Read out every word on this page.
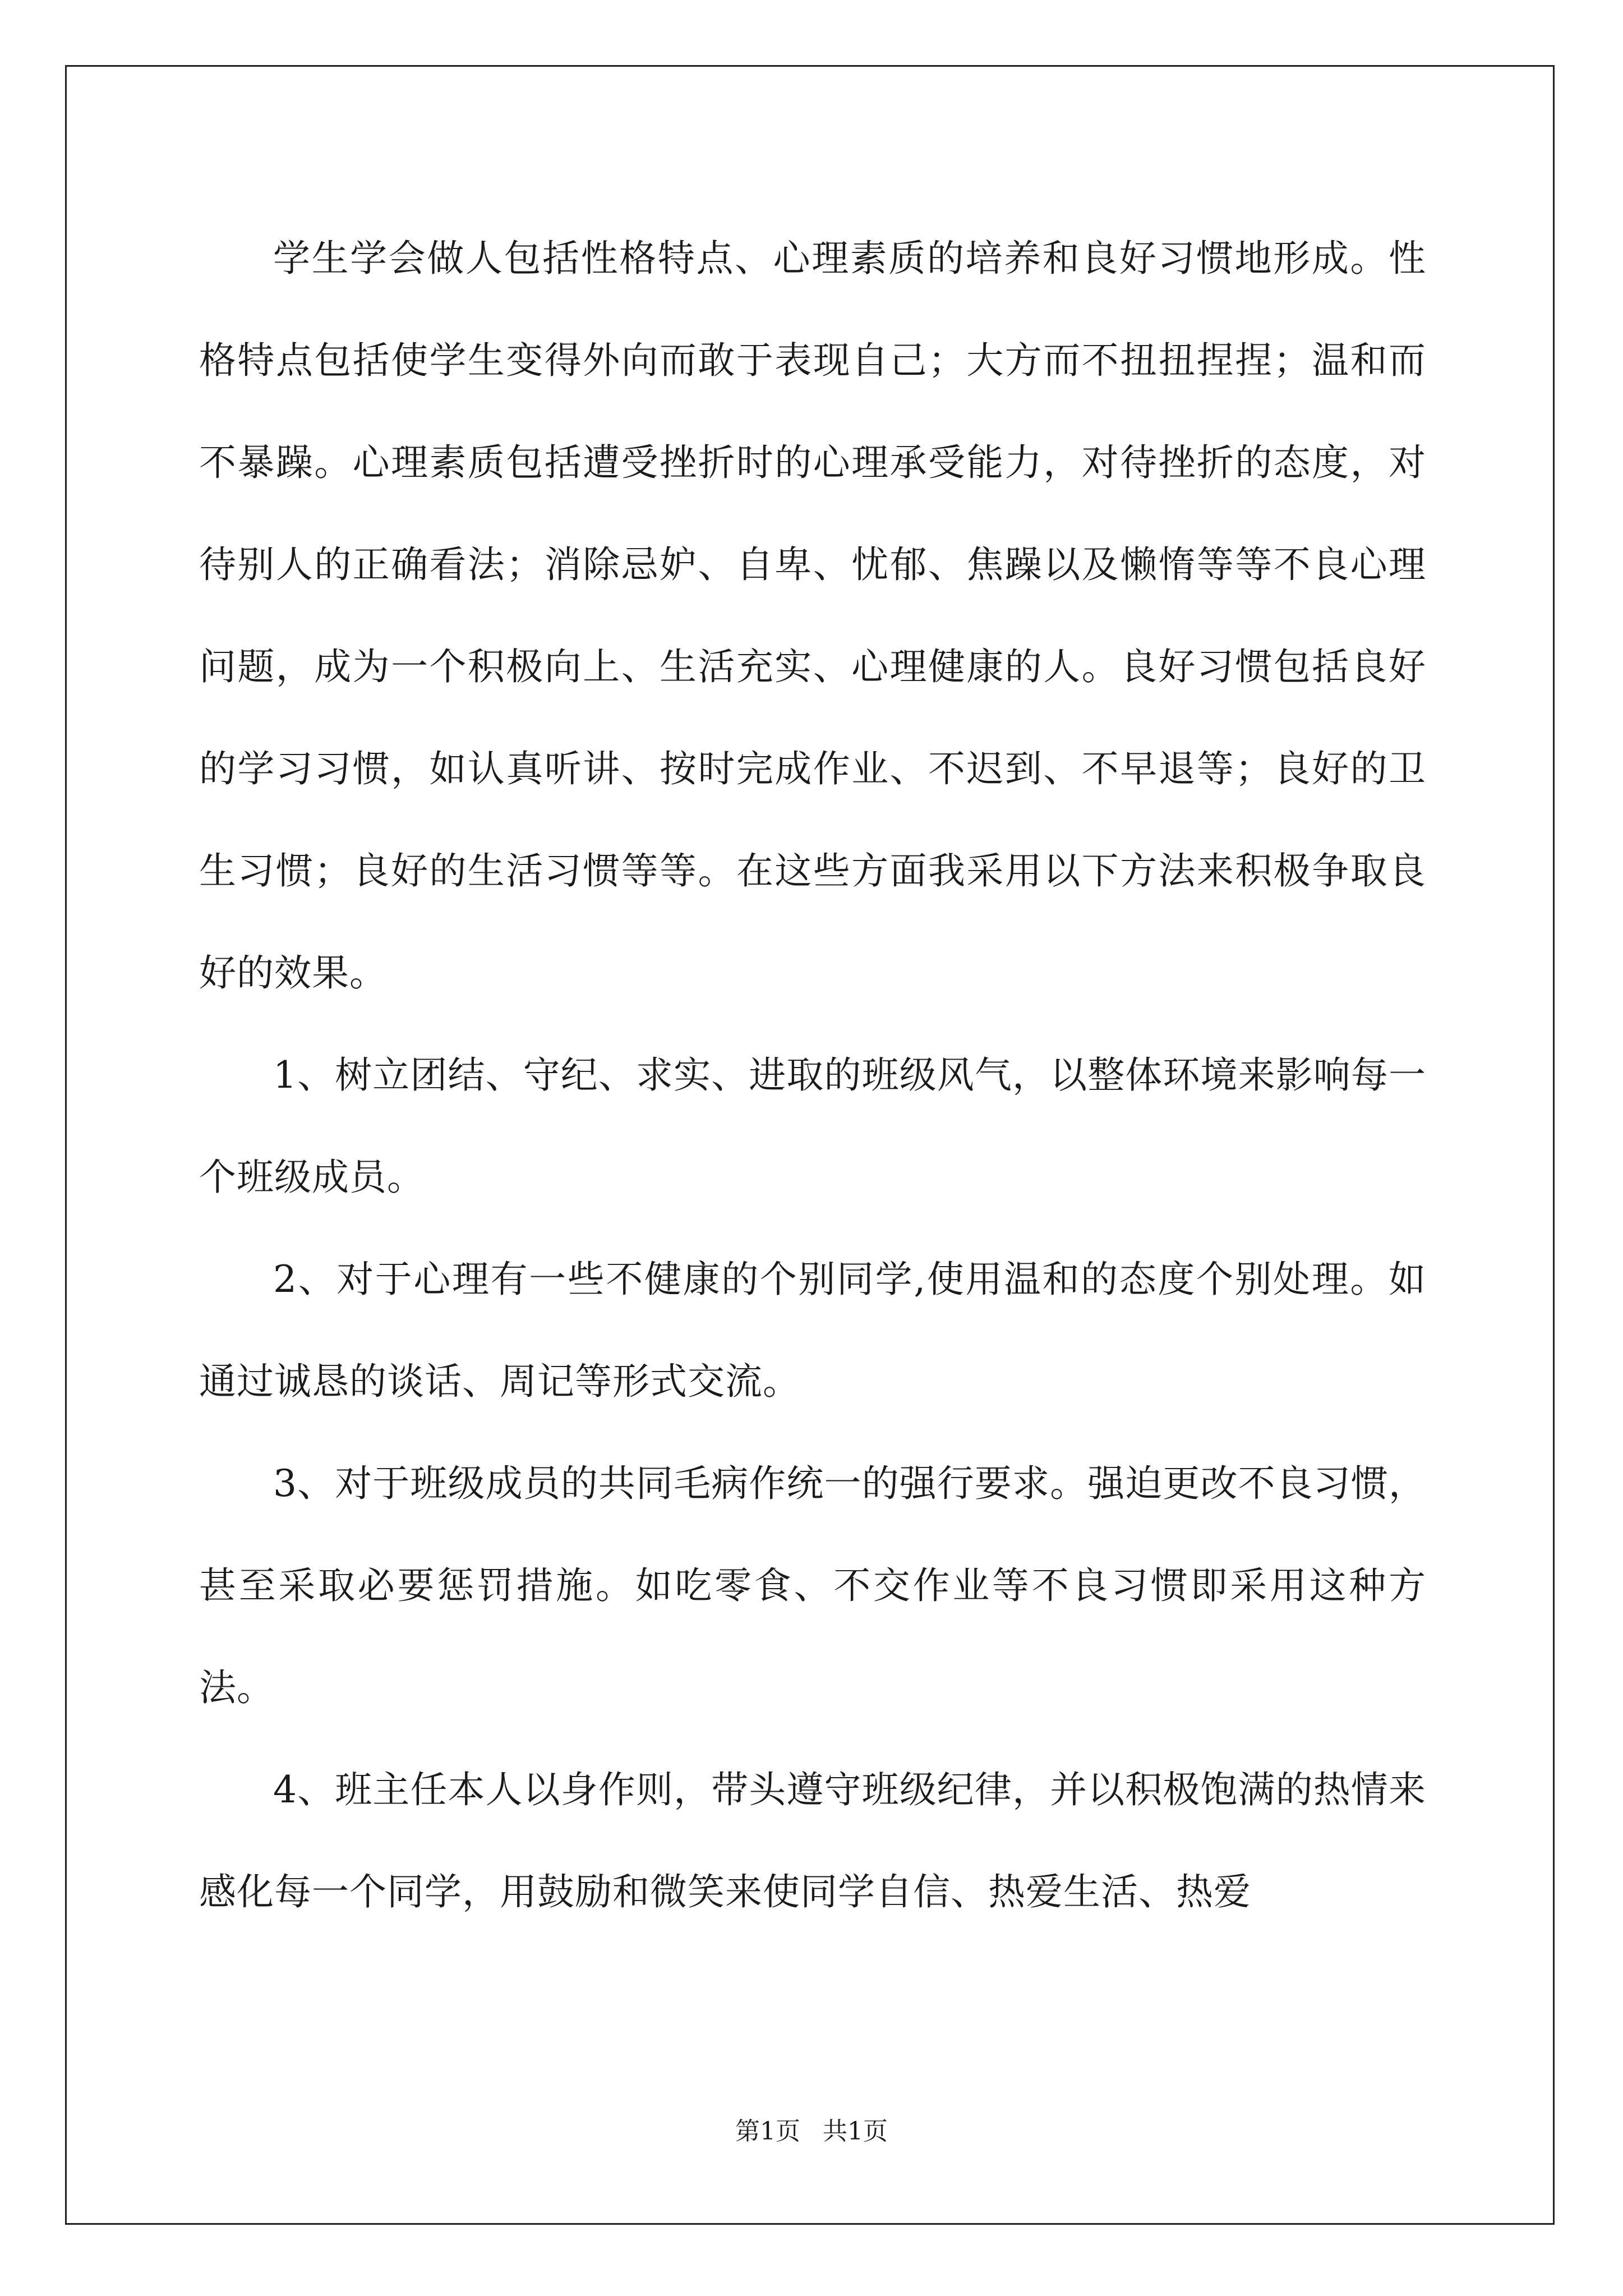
学生学会做人包括性格特点、心理素质的培养和良好习惯地形成。性格特点包括使学生变得外向而敢于表现自己；大方而不扭扭捏捏；温和而不暴躁。心理素质包括遭受挫折时的心理承受能力，对待挫折的态度，对待别人的正确看法；消除忌妒、自卑、忧郁、焦躁以及懒惰等等不良心理问题，成为一个积极向上、生活充实、心理健康的人。良好习惯包括良好的学习习惯，如认真听讲、按时完成作业、不迟到、不早退等；良好的卫生习惯；良好的生活习惯等等。在这些方面我采用以下方法来积极争取良好的效果。

1、树立团结、守纪、求实、进取的班级风气，以整体环境来影响每一个班级成员。

2、对于心理有一些不健康的个别同学,使用温和的态度个别处理。如通过诚恳的谈话、周记等形式交流。

3、对于班级成员的共同毛病作统一的强行要求。强迫更改不良习惯，甚至采取必要惩罚措施。如吃零食、不交作业等不良习惯即采用这种方法。

4、班主任本人以身作则，带头遵守班级纪律，并以积极饱满的热情来感化每一个同学，用鼓励和微笑来使同学自信、热爱生活、热爱

第1页 共1页
